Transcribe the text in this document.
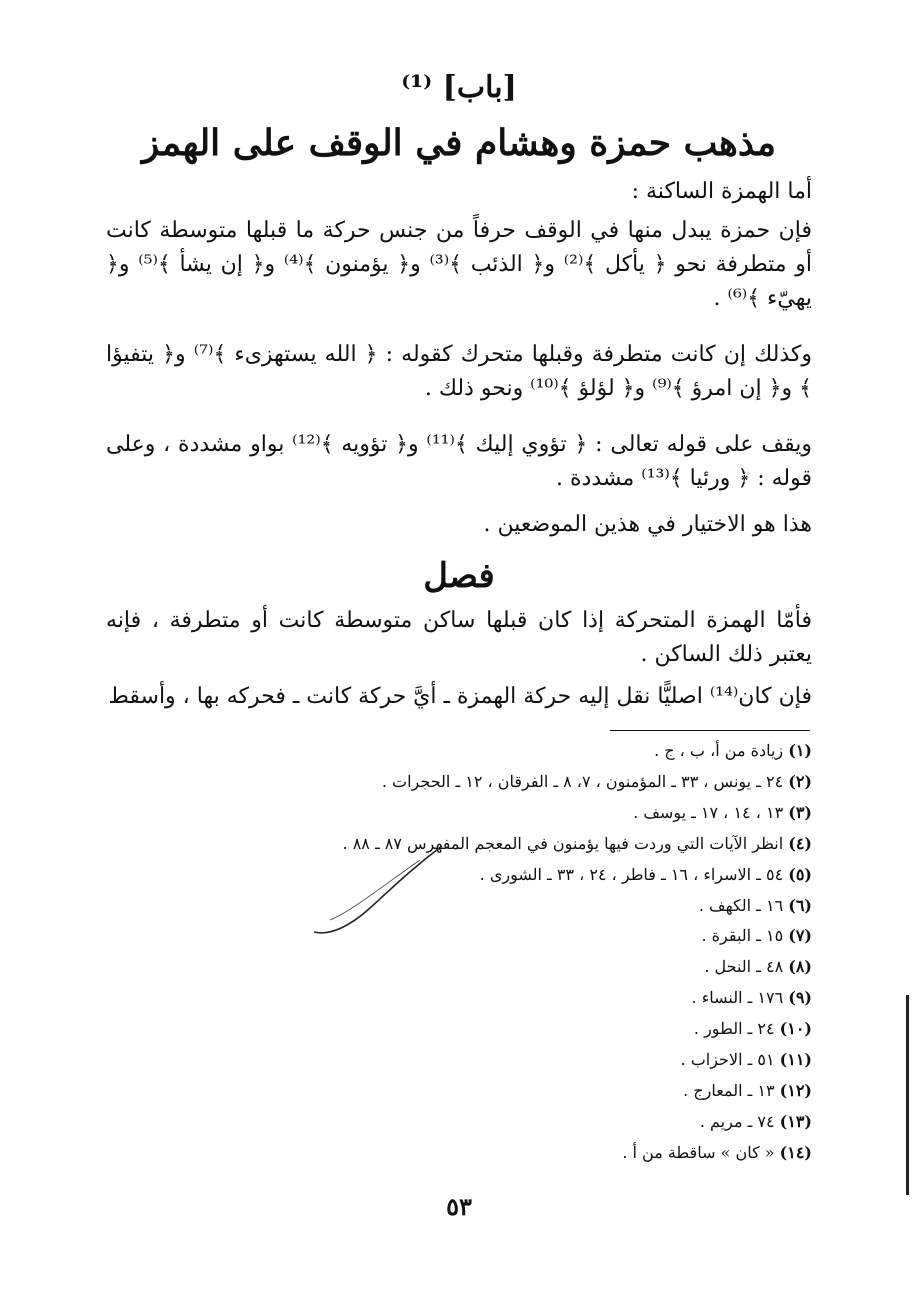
[باب] ⁽¹⁾
مذهب حمزة وهشام في الوقف على الهمز
أما الهمزة الساكنة :
فإن حمزة يبدل منها في الوقف حرفاً من جنس حركة ما قبلها متوسطة كانت أو متطرفة نحو ﴿ يأكل ﴾⁽²⁾ و﴿ الذئب ﴾⁽³⁾ و﴿ يؤمنون ﴾⁽⁴⁾ و﴿ إن يشأ ﴾⁽⁵⁾ و﴿ يهيّء ﴾⁽⁶⁾ .
وكذلك إن كانت متطرفة وقبلها متحرك كقوله : ﴿ الله يستهزىء ﴾⁽⁷⁾ و﴿ يتفيؤا ﴾ و﴿ إن امرؤ ﴾⁽⁹⁾ و﴿ لؤلؤ ﴾⁽¹⁰⁾ ونحو ذلك .
ويقف على قوله تعالى : ﴿ تؤوي إليك ﴾⁽¹¹⁾ و﴿ تؤويه ﴾⁽¹²⁾ بواو مشددة ، وعلى قوله : ﴿ ورئيا ﴾⁽¹³⁾ مشددة .
هذا هو الاختيار في هذين الموضعين .
فصل
فأمّا الهمزة المتحركة إذا كان قبلها ساكن متوسطة كانت أو متطرفة ، فإنه يعتبر ذلك الساكن .
فإن كان⁽¹⁴⁾ اصليًّا نقل إليه حركة الهمزة ـ أيَّ حركة كانت ـ فحركه بها ، وأسقط
(١) زيادة من أ، ب ، ج .
(٢) ٢٤ ـ يونس ، ٣٣ ـ المؤمنون ، ٧، ٨ ـ الفرقان ، ١٢ ـ الحجرات .
(٣) ١٣ ، ١٤ ، ١٧ ـ يوسف .
(٤) انظر الآيات التي وردت فيها يؤمنون في المعجم المفهرس ٨٧ ـ ٨٨ .
(٥) ٥٤ ـ الاسراء ، ١٦ ـ فاطر ، ٢٤ ، ٣٣ ـ الشورى .
(٦) ١٦ ـ الكهف .
(٧) ١٥ ـ البقرة .
(٨) ٤٨ ـ النحل .
(٩) ١٧٦ ـ النساء .
(١٠) ٢٤ ـ الطور .
(١١) ٥١ ـ الاحزاب .
(١٢) ١٣ ـ المعارج .
(١٣) ٧٤ ـ مريم .
(١٤) « كان » ساقطة من أ .
٥٣
